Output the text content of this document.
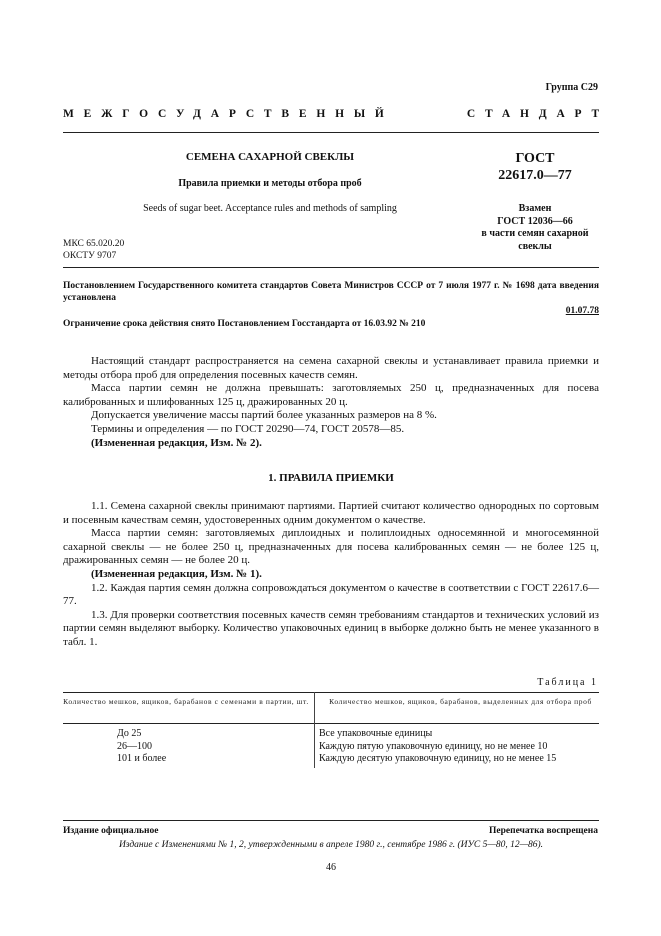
Группа С29
МЕЖГОСУДАРСТВЕННЫЙ	СТАНДАРТ
СЕМЕНА САХАРНОЙ СВЕКЛЫ
Правила приемки и методы отбора проб
Seeds of sugar beet. Acceptance rules and methods of sampling
ГОСТ
22617.0—77
Взамен
ГОСТ 12036—66
в части семян сахарной
свеклы
МКС 65.020.20
ОКСТУ 9707
Постановлением Государственного комитета стандартов Совета Министров СССР от 7 июля 1977 г. № 1698 дата введения установлена
01.07.78
Ограничение срока действия снято Постановлением Госстандарта от 16.03.92 № 210

Настоящий стандарт распространяется на семена сахарной свеклы и устанавливает правила приемки и методы отбора проб для определения посевных качеств семян.

Масса партии семян не должна превышать: заготовляемых 250 ц, предназначенных для посева калиброванных и шлифованных 125 ц, дражированных 20 ц.

Допускается увеличение массы партий более указанных размеров на 8 %.

Термины и определения — по ГОСТ 20290—74, ГОСТ 20578—85.

(Измененная редакция, Изм. № 2).

1. ПРАВИЛА ПРИЕМКИ

1.1. Семена сахарной свеклы принимают партиями. Партией считают количество однородных по сортовым и посевным качествам семян, удостоверенных одним документом о качестве.

Масса партии семян: заготовляемых диплоидных и полиплоидных односемянной и многосемянной сахарной свеклы — не более 250 ц, предназначенных для посева калиброванных семян — не более 125 ц, дражированных семян — не более 20 ц.

(Измененная редакция, Изм. № 1).

1.2. Каждая партия семян должна сопровождаться документом о качестве в соответствии с ГОСТ 22617.6—77.

1.3. Для проверки соответствия посевных качеств семян требованиям стандартов и технических условий из партии семян выделяют выборку. Количество упаковочных единиц в выборке должно быть не менее указанного в табл. 1.

Таблица 1
Количество мешков, ящиков, барабанов с семенами в партии, шт.	Количество мешков, ящиков, барабанов, выделенных для отбора проб
До 25	Все упаковочные единицы
26—100	Каждую пятую упаковочную единицу, но не менее 10
101 и более	Каждую десятую упаковочную единицу, но не менее 15
Издание официальное	Перепечатка воспрещена
Издание с Изменениями № 1, 2, утвержденными в апреле 1980 г., сентябре 1986 г. (ИУС 5—80, 12—86).
46
